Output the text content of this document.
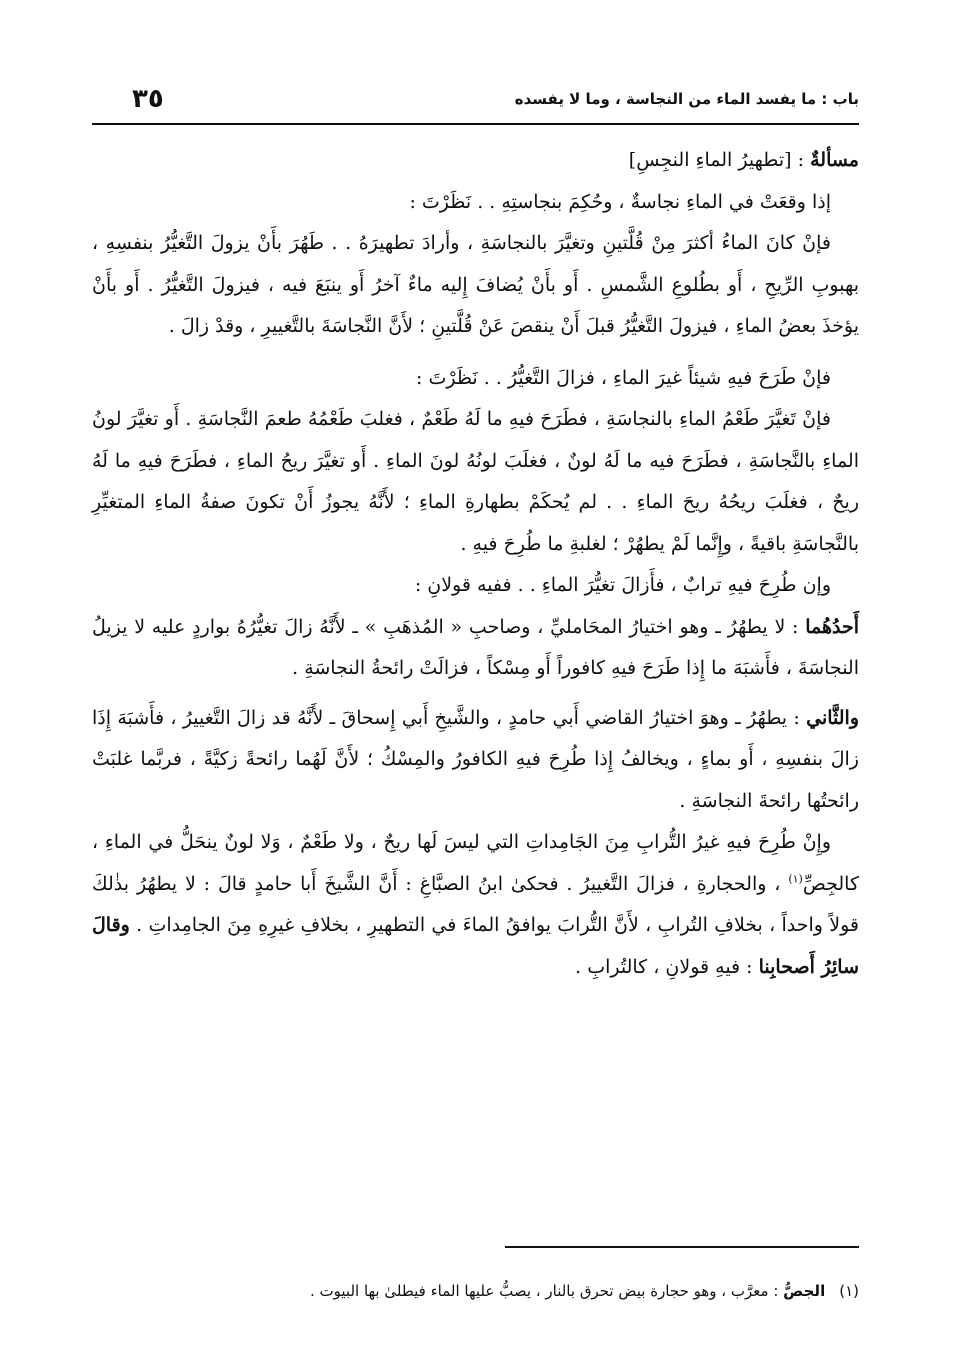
باب : ما يفسد الماء من النجاسة ، وما لا يفسده
٣٥

مسألةٌ : [تطهيرُ الماءِ النجِسِ]

إذا وقعَتْ في الماءِ نجاسةٌ ، وحُكِمَ بنجاستِهِ . . نَظَرْتَ :

فإنْ كانَ الماءُ أكثرَ مِنْ قُلَّتينِ وتغيَّرَ بالنجاسَةِ ، وأرادَ تطهيرَهُ . . طَهُرَ بأَنْ يزولَ التَّغيُّرُ بنفسِهِ ، بهبوبِ الرِّيحِ ، أَو بطُلوعِ الشَّمسِ . أَو بأَنْ يُضافَ إِليه ماءٌ آخرُ أَو ينبَعَ فيه ، فيزولَ التَّغيُّرُ . أَو بأَنْ يؤخذَ بعضُ الماءِ ، فيزولَ التَّغيُّرُ قبلَ أَنْ ينقصَ عَنْ قُلَّتينِ ؛ لأَنَّ النَّجاسَةَ بالتَّغييرِ ، وقدْ زالَ .

فإنْ طَرَحَ فيهِ شيئاً غيرَ الماءِ ، فزالَ التَّغيُّرُ . . نَظَرْتَ :

فإنْ تَغيَّرَ طَعْمُ الماءِ بالنجاسَةِ ، فطَرَحَ فيهِ ما لَهُ طَعْمٌ ، فغلبَ طَعْمُهُ طعمَ النَّجاسَةِ . أَو تغيَّرَ لونُ الماءِ بالنَّجاسَةِ ، فطَرَحَ فيه ما لَهُ لونٌ ، فغلَبَ لونُهُ لونَ الماءِ . أَو تغيَّرَ ريحُ الماءِ ، فطَرَحَ فيهِ ما لَهُ ريحٌ ، فغلَبَ ريحُهُ ريحَ الماءِ . . لم يُحكَمْ بطهارةِ الماءِ ؛ لأَنَّهُ يجوزُ أَنْ تكونَ صفةُ الماءِ المتغيِّرِ بالنَّجاسَةِ باقيةً ، وإِنَّما لَمْ يطهُرْ ؛ لغلبةِ ما طُرِحَ فيهِ .

وإن طُرِحَ فيهِ ترابٌ ، فأَزالَ تغيُّرَ الماءِ . . ففيه قولانِ :

أَحدُهُما : لا يطهُرُ ـ وهو اختيارُ المحَامليِّ ، وصاحبِ « المُذهَبِ » ـ لأَنَّهُ زالَ تغيُّرُهُ بواردٍ عليه لا يزيلُ النجاسَةَ ، فأَشبَهَ ما إِذا طَرَحَ فيهِ كافوراً أَو مِسْكاً ، فزالَتْ رائحةُ النجاسَةِ .

والثَّاني : يطهُرُ ـ وهوَ اختيارُ القاضي أَبي حامدٍ ، والشَّيخِ أَبي إِسحاقَ ـ لأَنَّهُ قد زالَ التَّغييرُ ، فأَشبَهَ إِذَا زالَ بنفسِهِ ، أَو بماءٍ ، ويخالفُ إِذا طُرِحَ فيهِ الكافورُ والمِسْكُ ؛ لأَنَّ لَهُما رائحةً زكيَّةً ، فربَّما غلبَتْ رائحتُها رائحةَ النجاسَةِ .

وإِنْ طُرِحَ فيهِ غيرُ التُّرابِ مِنَ الجَامِداتِ التي ليسَ لَها ريحٌ ، ولا طَعْمٌ ، وَلا لونٌ ينحَلُّ في الماءِ ، كالجِصِّ$^{(١)}$ ، والحجارةِ ، فزالَ التَّغييرُ . فحكىٰ ابنُ الصبَّاغِ : أَنَّ الشَّيخَ أَبا حامدٍ قالَ : لا يطهُرُ بذٰلكَ قولاً واحداً ، بخلافِ التُرابِ ، لأَنَّ التُّرابَ يوافقُ الماءَ في التطهيرِ ، بخلافِ غيرِهِ مِنَ الجامِداتِ . وقالَ سائِرُ أَصحابِنا : فيهِ قولانِ ، كالتُرابِ .

(١)الجصُّ : معرَّب ، وهو حجارة بيض تحرق بالنار ، يصبُّ عليها الماء فيطلىٰ بها البيوت .
